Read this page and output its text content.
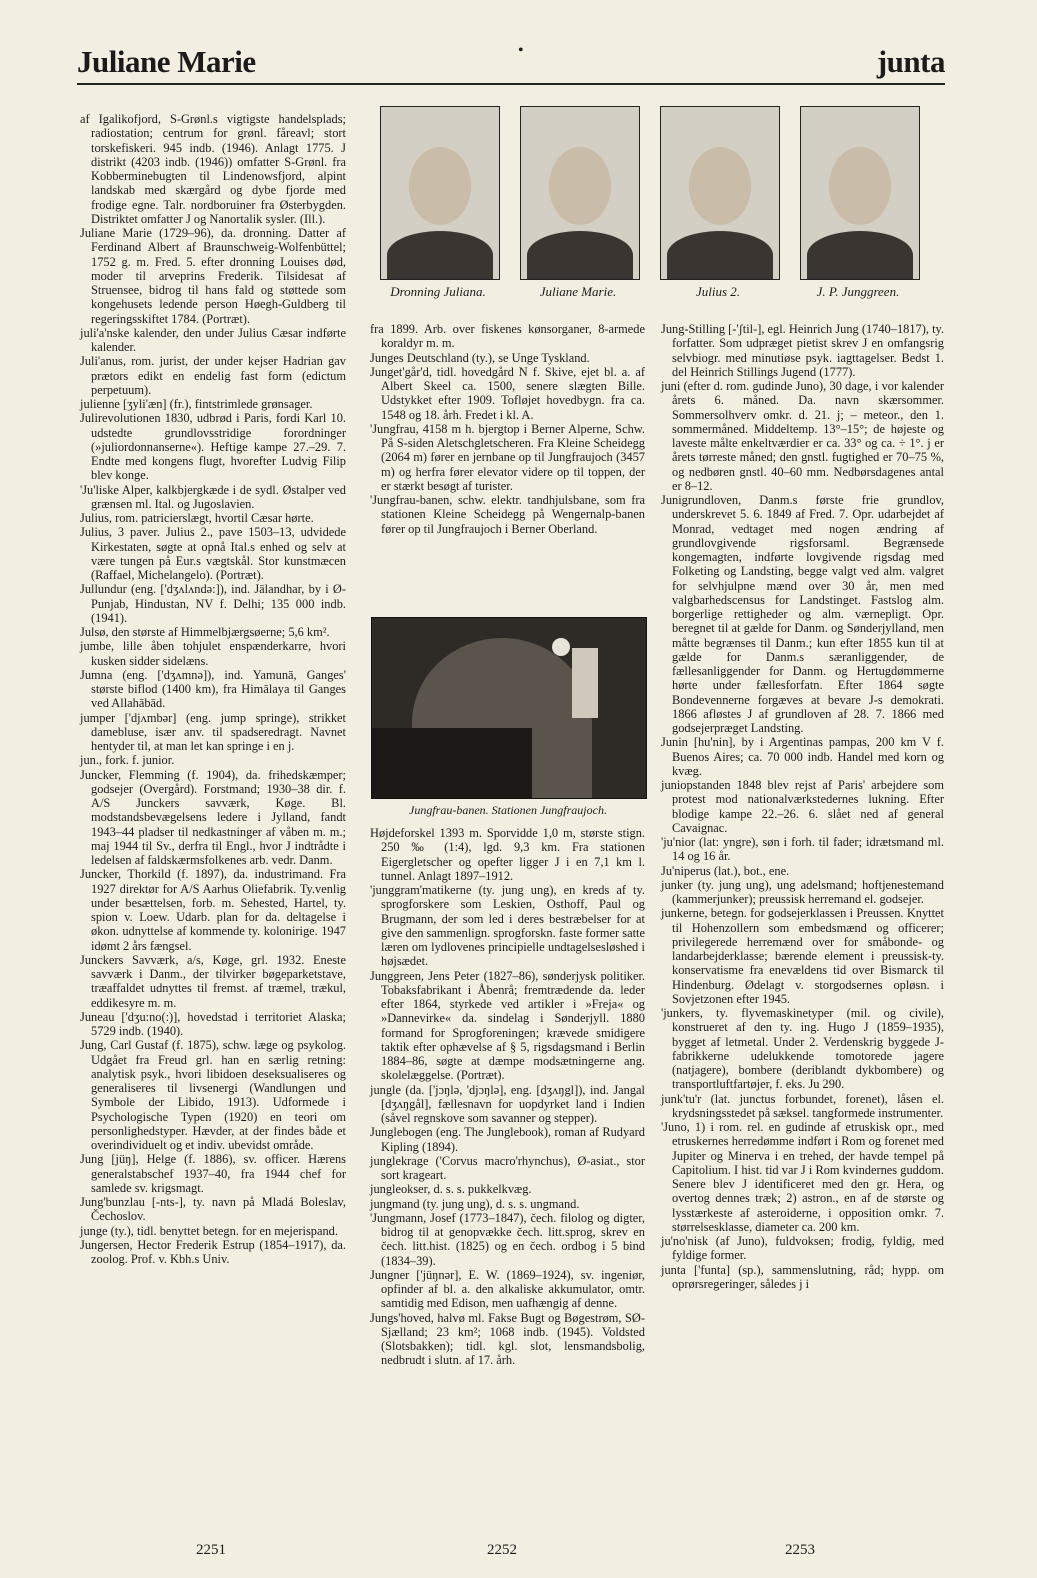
Juliane Marie	•	junta

af Igalikofjord, S-Grønl.s vigtigste handelsplads; radiostation; centrum for grønl. fåreavl; stort torskefiskeri. 945 indb. (1946). Anlagt 1775. J distrikt (4203 indb. (1946)) omfatter S-Grønl. fra Kobberminebugten til Lindenowsfjord, alpint landskab med skærgård og dybe fjorde med frodige egne. Talr. nordboruiner fra Østerbygden. Distriktet omfatter J og Nanortalik sysler. (Ill.).

Juliane Marie (1729–96), da. dronning. Datter af Ferdinand Albert af Braunschweig-Wolfenbüttel; 1752 g. m. Fred. 5. efter dronning Louises død, moder til arveprins Frederik. Tilsidesat af Struensee, bidrog til hans fald og støttede som kongehusets ledende person Høegh-Guldberg til regeringsskiftet 1784. (Portræt).

juli'a'nske kalender, den under Julius Cæsar indførte kalender.

Juli'anus, rom. jurist, der under kejser Hadrian gav prætors edikt en endelig fast form (edictum perpetuum).

julienne [ʒyli'æn] (fr.), fintstrimlede grønsager.

Julirevolutionen 1830, udbrød i Paris, fordi Karl 10. udstedte grundlovsstridige forordninger (»juliordonnanserne«). Heftige kampe 27.–29. 7. Endte med kongens flugt, hvorefter Ludvig Filip blev konge.

'Ju'liske Alper, kalkbjergkæde i de sydl. Østalper ved grænsen ml. Ital. og Jugoslavien.

Julius, rom. patricierslægt, hvortil Cæsar hørte.

Julius, 3 paver. Julius 2., pave 1503–13, udvidede Kirkestaten, søgte at opnå Ital.s enhed og selv at være tungen på Eur.s vægtskål. Stor kunstmæcen (Raffael, Michelangelo). (Portræt).

Jullundur (eng. ['dʒʌlʌndə:]), ind. Jālandhar, by i Ø-Punjab, Hindustan, NV f. Delhi; 135 000 indb. (1941).

Julsø, den største af Himmelbjærgsøerne; 5,6 km².

jumbe, lille åben tohjulet enspænderkarre, hvori kusken sidder sidelæns.

Jumna (eng. ['dʒʌmnə]), ind. Yamunā, Ganges' største biflod (1400 km), fra Himālaya til Ganges ved Allahābād.

jumper ['djʌmbər] (eng. jump springe), strikket damebluse, især anv. til spadseredragt. Navnet hentyder til, at man let kan springe i en j.

jun., fork. f. junior.

Juncker, Flemming (f. 1904), da. frihedskæmper; godsejer (Overgård). Forstmand; 1930–38 dir. f. A/S Junckers savværk, Køge. Bl. modstandsbevægelsens ledere i Jylland, fandt 1943–44 pladser til nedkastninger af våben m. m.; maj 1944 til Sv., derfra til Engl., hvor J indtrådte i ledelsen af faldskærmsfolkenes arb. vedr. Danm.

Juncker, Thorkild (f. 1897), da. industrimand. Fra 1927 direktør for A/S Aarhus Oliefabrik. Ty.venlig under besættelsen, forb. m. Sehested, Hartel, ty. spion v. Loew. Udarb. plan for da. deltagelse i økon. udnyttelse af kommende ty. kolonirige. 1947 idømt 2 års fængsel.

Junckers Savværk, a/s, Køge, grl. 1932. Eneste savværk i Danm., der tilvirker bøgeparketstave, træaffaldet udnyttes til fremst. af træmel, trækul, eddikesyre m. m.

Juneau ['dʒu:no(:)], hovedstad i territoriet Alaska; 5729 indb. (1940).

Jung, Carl Gustaf (f. 1875), schw. læge og psykolog. Udgået fra Freud grl. han en særlig retning: analytisk psyk., hvori libidoen deseksualiseres og generaliseres til livsenergi (Wandlungen und Symbole der Libido, 1913). Udformede i Psychologische Typen (1920) en teori om personlighedstyper. Hævder, at der findes både et overindividuelt og et indiv. ubevidst område.

Jung [jüŋ], Helge (f. 1886), sv. officer. Hærens generalstabschef 1937–40, fra 1944 chef for samlede sv. krigsmagt.

Jung'bunzlau [-nts-], ty. navn på Mladá Boleslav, Čechoslov.

junge (ty.), tidl. benyttet betegn. for en mejerispand.

Jungersen, Hector Frederik Estrup (1854–1917), da. zoolog. Prof. v. Kbh.s Univ.

Dronning Juliana.	Juliane Marie.	Julius 2.	J. P. Junggreen.

fra 1899. Arb. over fiskenes kønsorganer, 8-armede koraldyr m. m.

Junges Deutschland (ty.), se Unge Tyskland.

Junget'går'd, tidl. hovedgård N f. Skive, ejet bl. a. af Albert Skeel ca. 1500, senere slægten Bille. Udstykket efter 1909. Tofløjet hovedbygn. fra ca. 1548 og 18. årh. Fredet i kl. A.

'Jungfrau, 4158 m h. bjergtop i Berner Alperne, Schw. På S-siden Aletschgletscheren. Fra Kleine Scheidegg (2064 m) fører en jernbane op til Jungfraujoch (3457 m) og herfra fører elevator videre op til toppen, der er stærkt besøgt af turister.

'Jungfrau-banen, schw. elektr. tandhjulsbane, som fra stationen Kleine Scheidegg på Wengernalp-banen fører op til Jungfraujoch i Berner Oberland.

Jungfrau-banen. Stationen Jungfraujoch.

Højdeforskel 1393 m. Sporvidde 1,0 m, største stign. 250 ‰ (1:4), lgd. 9,3 km. Fra stationen Eigergletscher og opefter ligger J i en 7,1 km l. tunnel. Anlagt 1897–1912.

'junggram'matikerne (ty. jung ung), en kreds af ty. sprogforskere som Leskien, Osthoff, Paul og Brugmann, der som led i deres bestræbelser for at give den sammenlign. sprogforskn. faste former satte læren om lydlovenes principielle undtagelsesløshed i højsædet.

Junggreen, Jens Peter (1827–86), sønderjysk politiker. Tobaksfabrikant i Åbenrå; fremtrædende da. leder efter 1864, styrkede ved artikler i »Freja« og »Dannevirke« da. sindelag i Sønderjyll. 1880 formand for Sprogforeningen; krævede smidigere taktik efter ophævelse af § 5, rigsdagsmand i Berlin 1884–86, søgte at dæmpe modsætningerne ang. skolelæggelse. (Portræt).

jungle (da. ['jɔŋlə, 'djɔŋlə], eng. [dʒʌŋgl]), ind. Jangal [dʒʌŋgål], fællesnavn for uopdyrket land i Indien (såvel regnskove som savanner og stepper).

Junglebogen (eng. The Junglebook), roman af Rudyard Kipling (1894).

junglekrage ('Corvus macro'rhynchus), Ø-asiat., stor sort krageart.

jungleokser, d. s. s. pukkelkvæg.

jungmand (ty. jung ung), d. s. s. ungmand.

'Jungmann, Josef (1773–1847), čech. filolog og digter, bidrog til at genopvække čech. litt.sprog, skrev en čech. litt.hist. (1825) og en čech. ordbog i 5 bind (1834–39).

Jungner ['jüŋnər], E. W. (1869–1924), sv. ingeniør, opfinder af bl. a. den alkaliske akkumulator, omtr. samtidig med Edison, men uafhængig af denne.

Jungs'hoved, halvø ml. Fakse Bugt og Bøgestrøm, SØ-Sjælland; 23 km²; 1068 indb. (1945). Voldsted (Slotsbakken); tidl. kgl. slot, lensmandsbolig, nedbrudt i slutn. af 17. årh.

Jung-Stilling [-'ʃtil-], egl. Heinrich Jung (1740–1817), ty. forfatter. Som udpræget pietist skrev J en omfangsrig selvbiogr. med minutiøse psyk. iagttagelser. Bedst 1. del Heinrich Stillings Jugend (1777).

juni (efter d. rom. gudinde Juno), 30 dage, i vor kalender årets 6. måned. Da. navn skærsommer. Sommersolhverv omkr. d. 21. j; – meteor., den 1. sommermåned. Middeltemp. 13°–15°; de højeste og laveste målte enkeltværdier er ca. 33° og ca. ÷ 1°. j er årets tørreste måned; den gnstl. fugtighed er 70–75 %, og nedbøren gnstl. 40–60 mm. Nedbørsdagenes antal er 8–12.

Junigrundloven, Danm.s første frie grundlov, underskrevet 5. 6. 1849 af Fred. 7. Opr. udarbejdet af Monrad, vedtaget med nogen ændring af grundlovgivende rigsforsaml. Begrænsede kongemagten, indførte lovgivende rigsdag med Folketing og Landsting, begge valgt ved alm. valgret for selvhjulpne mænd over 30 år, men med valgbarhedscensus for Landstinget. Fastslog alm. borgerlige rettigheder og alm. værnepligt. Opr. beregnet til at gælde for Danm. og Sønderjylland, men måtte begrænses til Danm.; kun efter 1855 kun til at gælde for Danm.s særanliggender, de fællesanliggender for Danm. og Hertugdømmerne hørte under fællesforfatn. Efter 1864 søgte Bondevennerne forgæves at bevare J-s demokrati. 1866 afløstes J af grundloven af 28. 7. 1866 med godsejerpræget Landsting.

Junin [hu'nin], by i Argentinas pampas, 200 km V f. Buenos Aires; ca. 70 000 indb. Handel med korn og kvæg.

juniopstanden 1848 blev rejst af Paris' arbejdere som protest mod nationalværkstedernes lukning. Efter blodige kampe 22.–26. 6. slået ned af general Cavaignac.

'ju'nior (lat: yngre), søn i forh. til fader; idrætsmand ml. 14 og 16 år.

Ju'niperus (lat.), bot., ene.

junker (ty. jung ung), ung adelsmand; hoftjenestemand (kammerjunker); preussisk herremand el. godsejer.

junkerne, betegn. for godsejerklassen i Preussen. Knyttet til Hohenzollern som embedsmænd og officerer; privilegerede herremænd over for småbonde- og landarbejderklasse; bærende element i preussisk-ty. konservatisme fra enevældens tid over Bismarck til Hindenburg. Ødelagt v. storgodsernes opløsn. i Sovjetzonen efter 1945.

'junkers, ty. flyvemaskinetyper (mil. og civile), konstrueret af den ty. ing. Hugo J (1859–1935), bygget af letmetal. Under 2. Verdenskrig byggede J-fabrikkerne udelukkende tomotorede jagere (natjagere), bombere (deriblandt dykbombere) og transportluftfartøjer, f. eks. Ju 290.

junk'tu'r (lat. junctus forbundet, forenet), låsen el. krydsningsstedet på sæksel. tangformede instrumenter.

'Juno, 1) i rom. rel. en gudinde af etruskisk opr., med etruskernes herredømme indført i Rom og forenet med Jupiter og Minerva i en trehed, der havde tempel på Capitolium. I hist. tid var J i Rom kvindernes guddom. Senere blev J identificeret med den gr. Hera, og overtog dennes træk; 2) astron., en af de største og lysstærkeste af asteroiderne, i opposition omkr. 7. størrelsesklasse, diameter ca. 200 km.

ju'no'nisk (af Juno), fuldvoksen; frodig, fyldig, med fyldige former.

junta ['funta] (sp.), sammenslutning, råd; hypp. om oprørsregeringer, således j i

2251	2252	2253
